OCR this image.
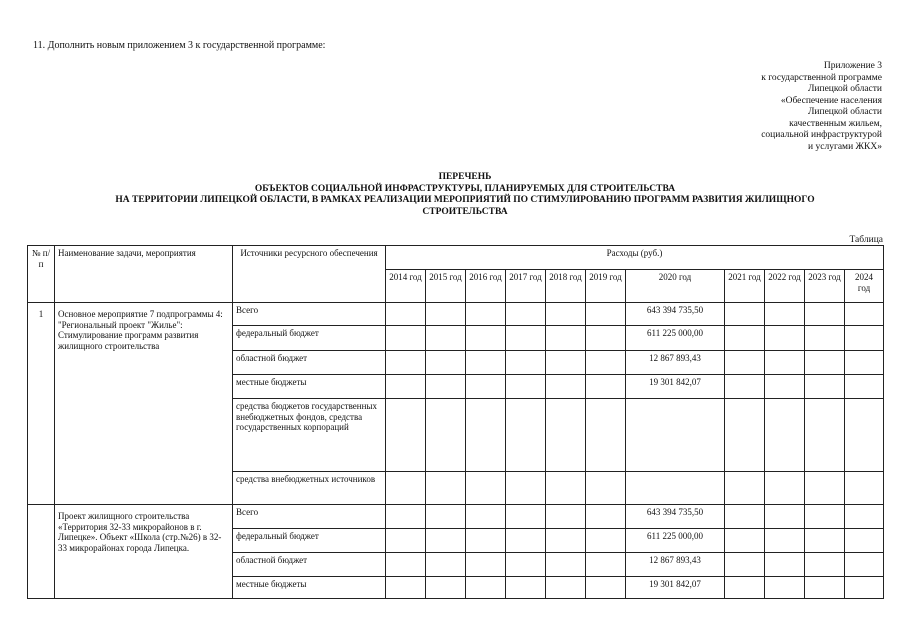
11. Дополнить новым приложением 3 к государственной программе:
Приложение 3
к государственной программе
Липецкой области
«Обеспечение населения
Липецкой области
качественным жильем,
социальной инфраструктурой
и услугами ЖКХ»
ПЕРЕЧЕНЬ
ОБЪЕКТОВ СОЦИАЛЬНОЙ ИНФРАСТРУКТУРЫ, ПЛАНИРУЕМЫХ ДЛЯ СТРОИТЕЛЬСТВА
НА ТЕРРИТОРИИ ЛИПЕЦКОЙ ОБЛАСТИ, В РАМКАХ РЕАЛИЗАЦИИ МЕРОПРИЯТИЙ ПО СТИМУЛИРОВАНИЮ ПРОГРАММ РАЗВИТИЯ ЖИЛИЩНОГО
СТРОИТЕЛЬСТВА
Таблица
№ п/п	Наименование задачи, мероприятия	Источники ресурсного обеспечения	Расходы (руб.)										
			2014 год	2015 год	2016 год	2017 год	2018 год	2019 год	2020 год	2021 год	2022 год	2023 год	2024 год
1	Основное мероприятие 7 подпрограммы 4: "Региональный проект "Жилье": Стимулирование программ развития жилищного строительства	Всего							643 394 735,50				
		федеральный бюджет							611 225 000,00				
		областной бюджет							12 867 893,43				
		местные бюджеты							19 301 842,07				
		средства бюджетов государственных внебюджетных фондов, средства государственных корпораций											
		средства внебюджетных источников											
	Проект жилищного строительства «Территория 32-33 микрорайонов в г. Липецке». Объект «Школа (стр.№26) в 32-33 микрорайонах города Липецка.	Всего							643 394 735,50				
		федеральный бюджет							611 225 000,00				
		областной бюджет							12 867 893,43				
		местные бюджеты							19 301 842,07				
